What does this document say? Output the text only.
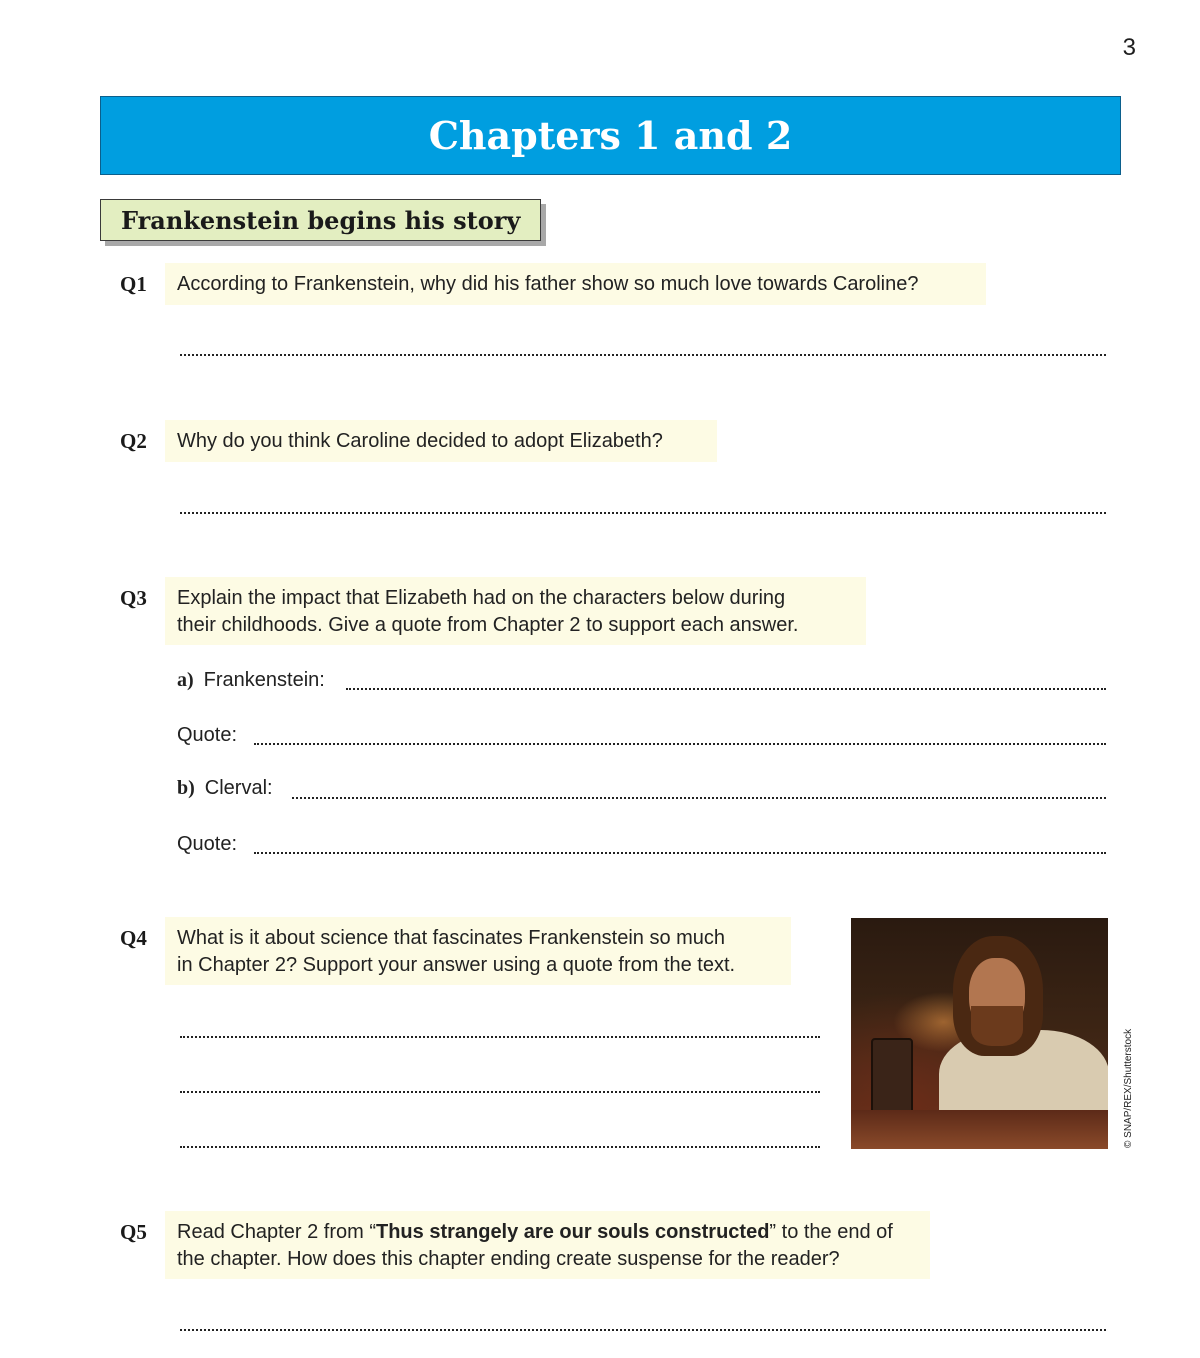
3
Chapters 1 and 2
Frankenstein begins his story
Q1 According to Frankenstein, why did his father show so much love towards Caroline?
Q2 Why do you think Caroline decided to adopt Elizabeth?
Q3 Explain the impact that Elizabeth had on the characters below during
their childhoods. Give a quote from Chapter 2 to support each answer.
a) Frankenstein:
Quote:
b) Clerval:
Quote:
Q4 What is it about science that fascinates Frankenstein so much
in Chapter 2? Support your answer using a quote from the text.
© SNAP/REX/Shutterstock
Q5 Read Chapter 2 from “Thus strangely are our souls constructed” to the end of
the chapter. How does this chapter ending create suspense for the reader?
